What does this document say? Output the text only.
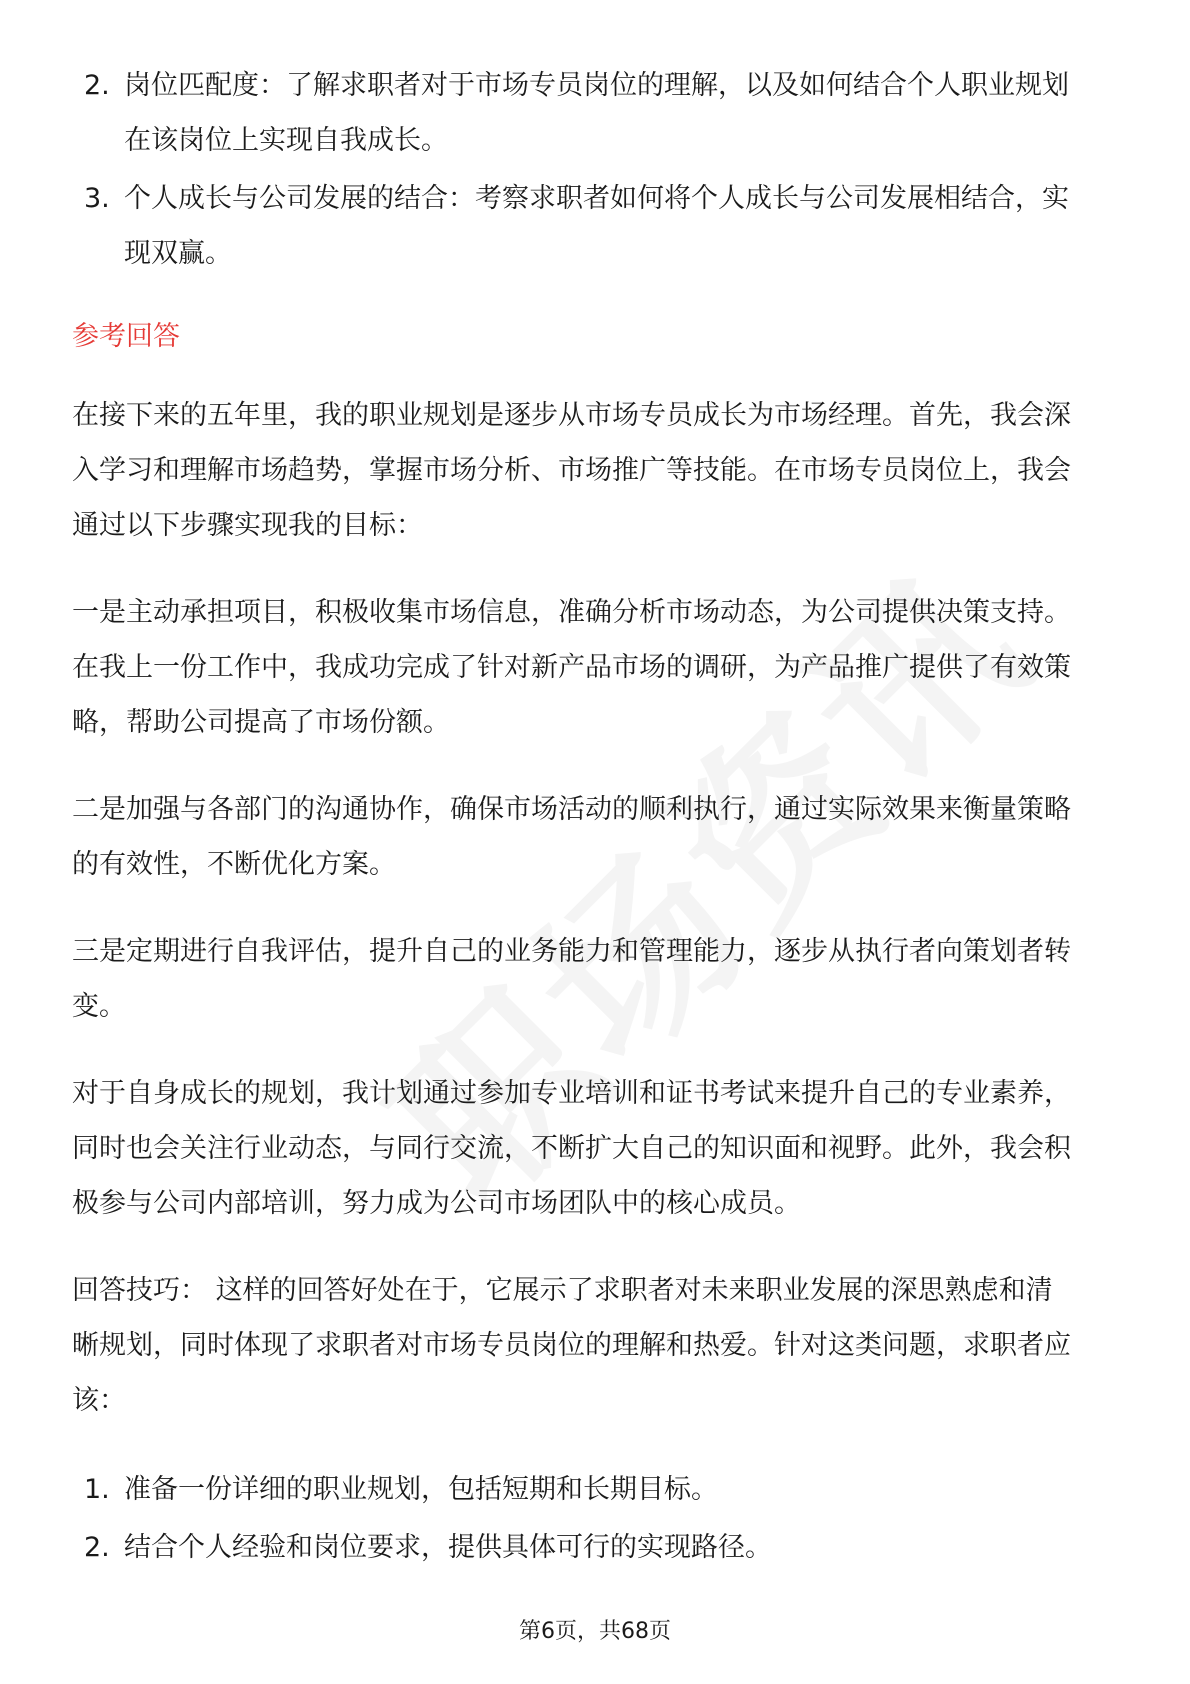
2. 岗位匹配度：了解求职者对于市场专员岗位的理解，以及如何结合个人职业规划在该岗位上实现自我成长。
3. 个人成长与公司发展的结合：考察求职者如何将个人成长与公司发展相结合，实现双赢。
参考回答

在接下来的五年里，我的职业规划是逐步从市场专员成长为市场经理。首先，我会深入学习和理解市场趋势，掌握市场分析、市场推广等技能。在市场专员岗位上，我会通过以下步骤实现我的目标：

一是主动承担项目，积极收集市场信息，准确分析市场动态，为公司提供决策支持。在我上一份工作中，我成功完成了针对新产品市场的调研，为产品推广提供了有效策略，帮助公司提高了市场份额。

二是加强与各部门的沟通协作，确保市场活动的顺利执行，通过实际效果来衡量策略的有效性，不断优化方案。

三是定期进行自我评估，提升自己的业务能力和管理能力，逐步从执行者向策划者转变。

对于自身成长的规划，我计划通过参加专业培训和证书考试来提升自己的专业素养，同时也会关注行业动态，与同行交流，不断扩大自己的知识面和视野。此外，我会积极参与公司内部培训，努力成为公司市场团队中的核心成员。

回答技巧： 这样的回答好处在于，它展示了求职者对未来职业发展的深思熟虑和清晰规划，同时体现了求职者对市场专员岗位的理解和热爱。针对这类问题，求职者应该：

1. 准备一份详细的职业规划，包括短期和长期目标。
2. 结合个人经验和岗位要求，提供具体可行的实现路径。
第6页，共68页
